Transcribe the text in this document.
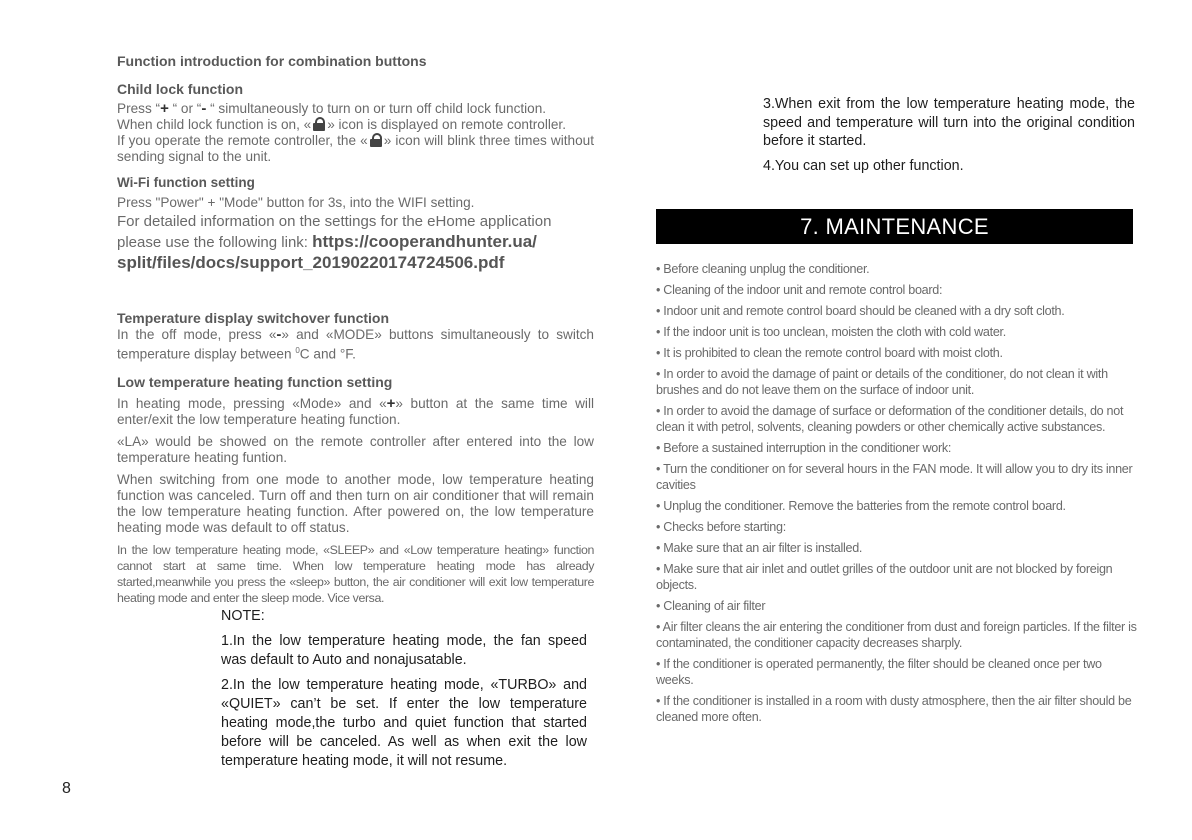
Function introduction for combination buttons

Child lock function

Press “+ “ or “- “ simultaneously to turn on or turn off child lock function.
When child lock function is on, « » icon is displayed on remote controller.
If you operate the remote controller, the « » icon will blink three times without sending signal to the unit.

Wi-Fi function setting

Press "Power" + "Mode" button for 3s, into the WIFI setting.

For detailed information on the settings for the eHome application please use the following link: https://cooperandhunter.ua/ split/files/docs/support_20190220174724506.pdf

Temperature display switchover function

In the off mode, press «-» and «MODE» buttons simultaneously to switch temperature display between $^0$C and °F.

Low temperature heating function setting

In heating mode, pressing «Mode» and «+» button at the same time will enter/exit the low temperature heating function.

«LA» would be showed on the remote controller after entered into the low temperature heating funtion.

When switching from one mode to another mode, low temperature heating function was canceled. Turn off and then turn on air conditioner that will remain the low temperature heating function. After powered on, the low temperature heating mode was default to off status.

In the low temperature heating mode, «SLEEP» and «Low temperature heating» function cannot start at same time. When low temperature heating mode has already started,meanwhile you press the «sleep» button, the air conditioner will exit low temperature heating mode and enter the sleep mode. Vice versa.

NOTE:

1.In the low temperature heating mode, the fan speed was default to Auto and nonajusatable.

2.In the low temperature heating mode, «TURBO» and «QUIET» can’t be set. If enter the low temperature heating mode,the turbo and quiet function that started before will be canceled. As well as when exit the low temperature heating mode, it will not resume.

3.When exit from the low temperature heating mode, the speed and temperature will turn into the original condition before it started.

4.You can set up other function.

7. MAINTENANCE
• Before cleaning unplug the conditioner.
• Cleaning of the indoor unit and remote control board:
• Indoor unit and remote control board should be cleaned with a dry soft cloth.
• If the indoor unit is too unclean, moisten the cloth with cold water.
• It is prohibited to clean the remote control board with moist cloth.
• In order to avoid the damage of paint or details of the conditioner, do not clean it with brushes and do not leave them on the surface of indoor unit.
• In order to avoid the damage of surface or deformation of the conditioner details, do not clean it with petrol, solvents, cleaning powders or other chemically active substances.
• Before a sustained interruption in the conditioner work:
• Turn the conditioner on for several hours in the FAN mode. It will allow you to dry its inner cavities
• Unplug the conditioner. Remove the batteries from the remote control board.
• Checks before starting:
• Make sure that an air filter is installed.
• Make sure that air inlet and outlet grilles of the outdoor unit are not blocked by foreign objects.
• Cleaning of air filter
• Air filter cleans the air entering the conditioner from dust and foreign particles. If the filter is contaminated, the conditioner capacity decreases sharply.
• If the conditioner is operated permanently, the filter should be cleaned once per two weeks.
• If the conditioner is installed in a room with dusty atmosphere, then the air filter should be cleaned more often.
8
